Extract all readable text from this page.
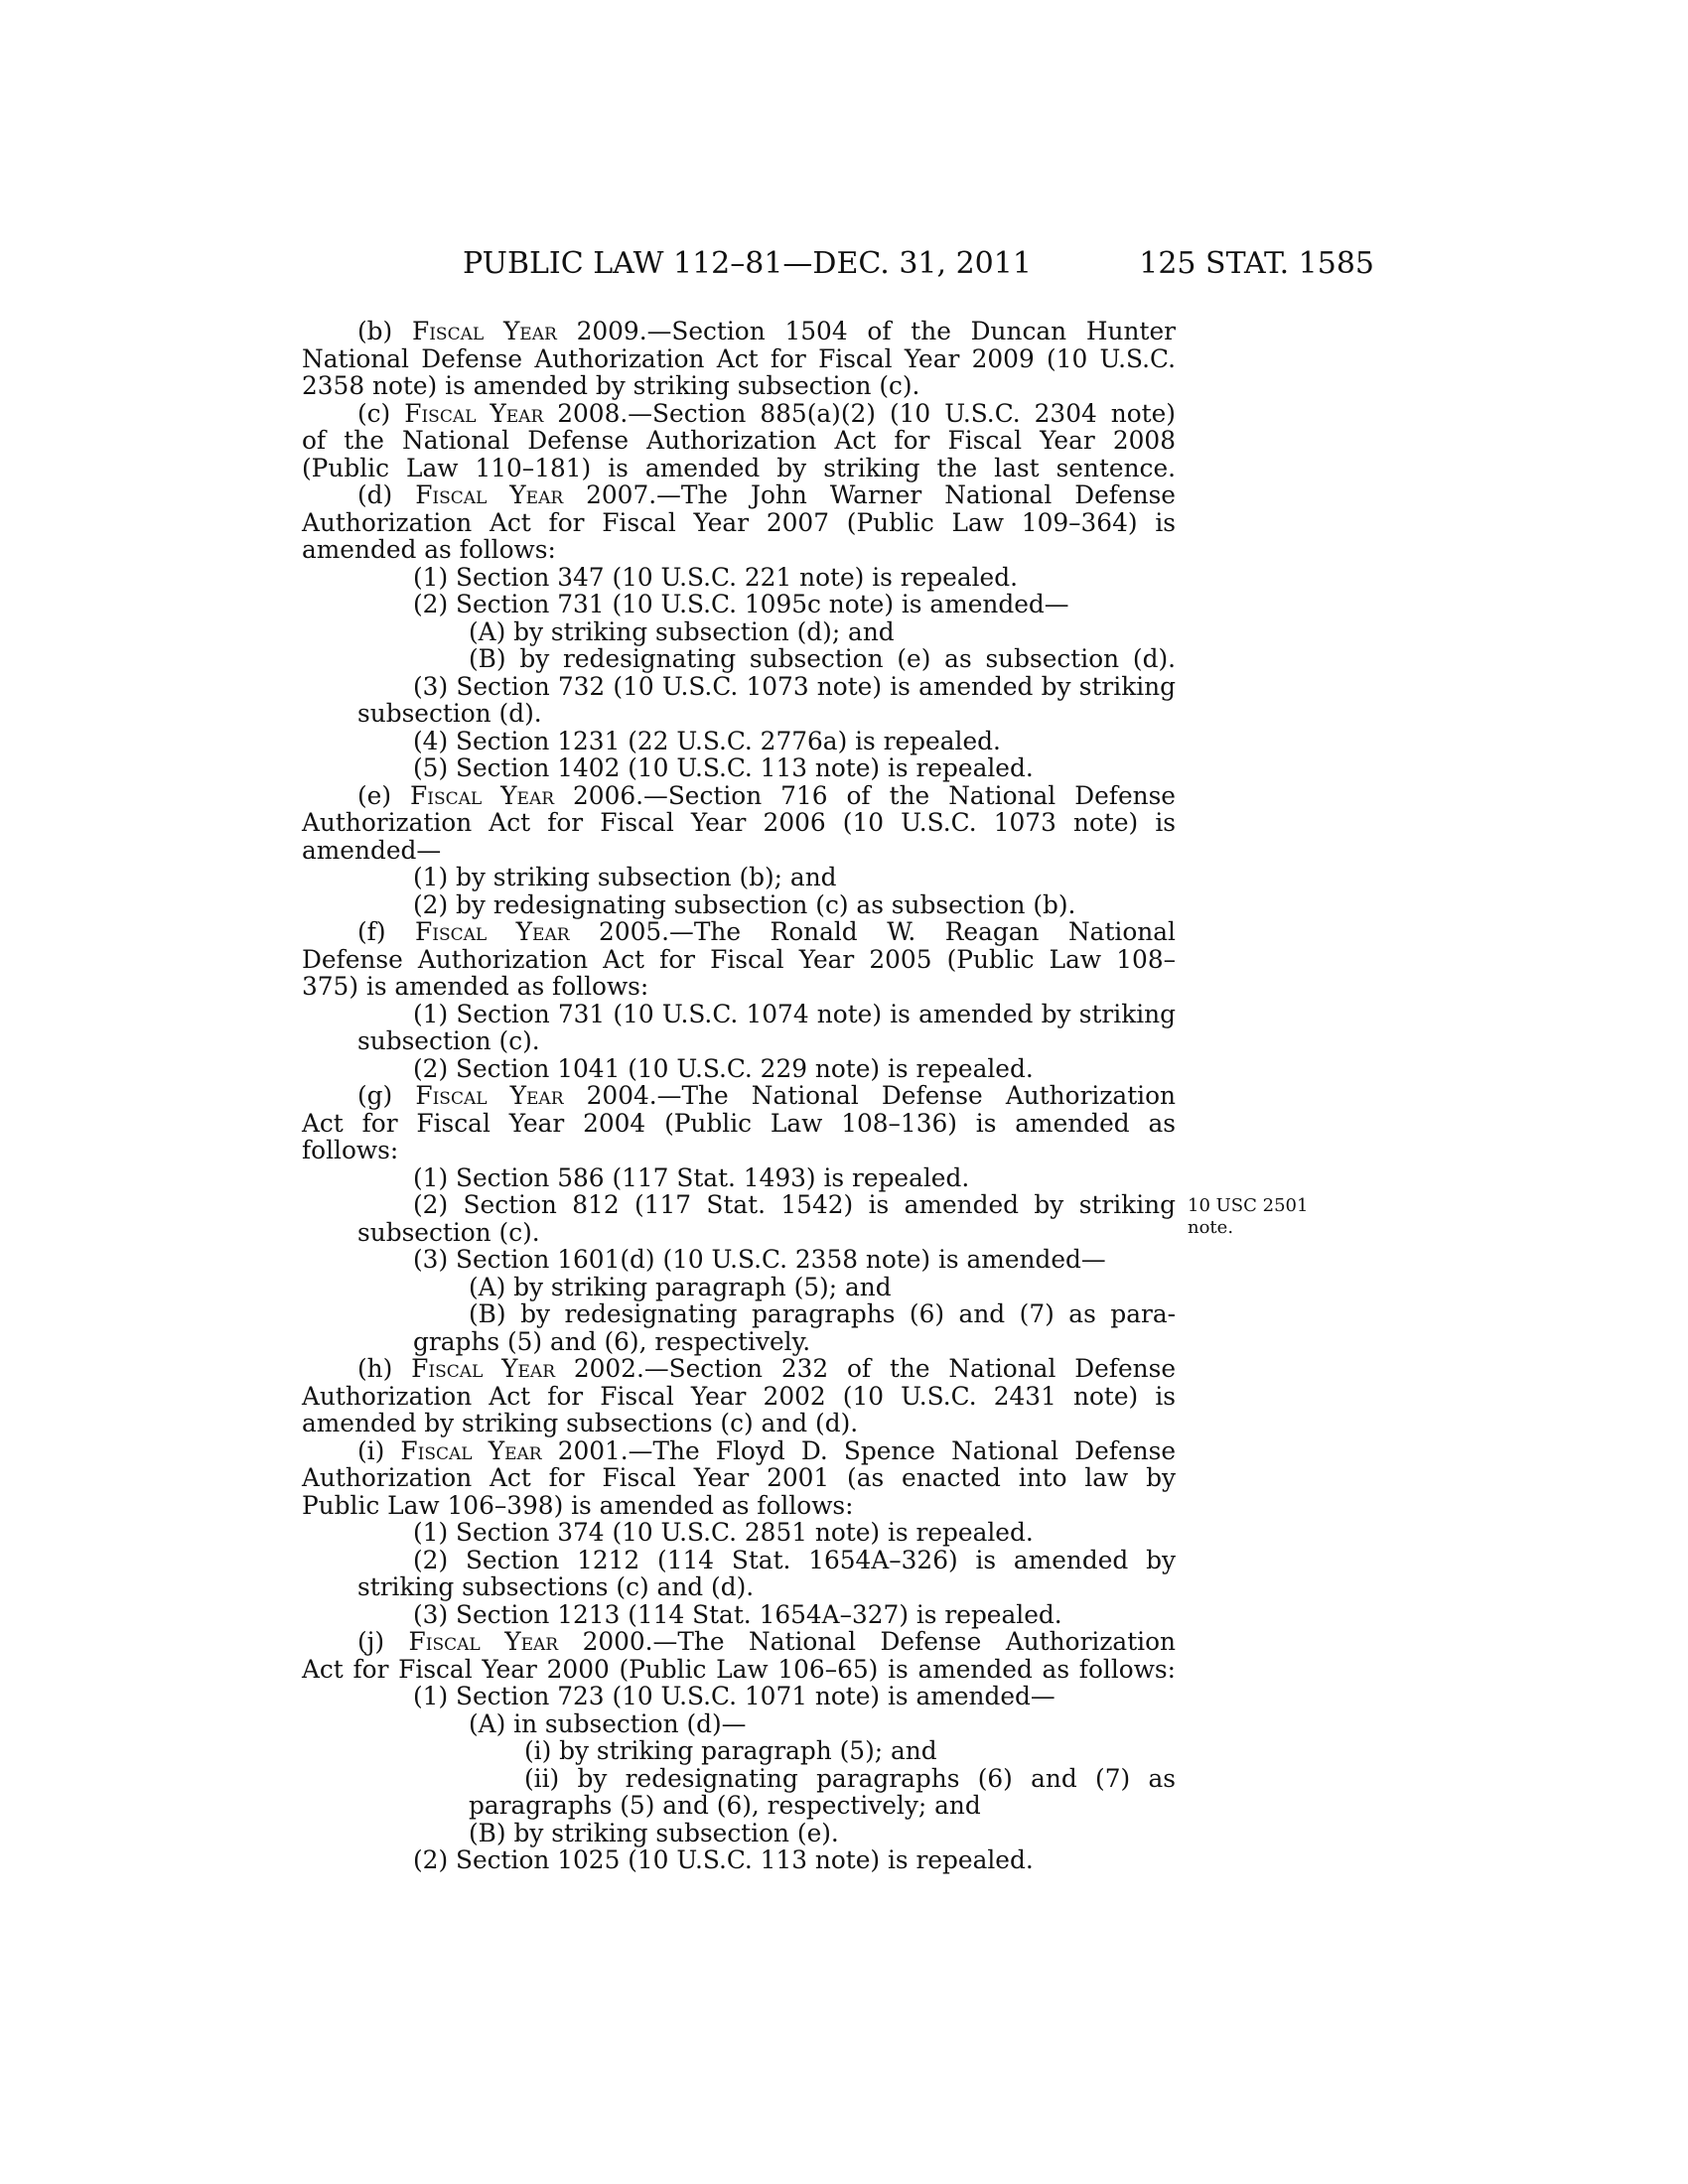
PUBLIC LAW 112–81—DEC. 31, 2011	125 STAT. 1585
(b) Fiscal Year 2009.—Section 1504 of the Duncan Hunter
National Defense Authorization Act for Fiscal Year 2009 (10 U.S.C.
2358 note) is amended by striking subsection (c).
(c) Fiscal Year 2008.—Section 885(a)(2) (10 U.S.C. 2304 note)
of the National Defense Authorization Act for Fiscal Year 2008
(Public Law 110–181) is amended by striking the last sentence.
(d) Fiscal Year 2007.—The John Warner National Defense
Authorization Act for Fiscal Year 2007 (Public Law 109–364) is
amended as follows:
(1) Section 347 (10 U.S.C. 221 note) is repealed.
(2) Section 731 (10 U.S.C. 1095c note) is amended—
(A) by striking subsection (d); and
(B) by redesignating subsection (e) as subsection (d).
(3) Section 732 (10 U.S.C. 1073 note) is amended by striking
subsection (d).
(4) Section 1231 (22 U.S.C. 2776a) is repealed.
(5) Section 1402 (10 U.S.C. 113 note) is repealed.
(e) Fiscal Year 2006.—Section 716 of the National Defense
Authorization Act for Fiscal Year 2006 (10 U.S.C. 1073 note) is
amended—
(1) by striking subsection (b); and
(2) by redesignating subsection (c) as subsection (b).
(f) Fiscal Year 2005.—The Ronald W. Reagan National
Defense Authorization Act for Fiscal Year 2005 (Public Law 108–
375) is amended as follows:
(1) Section 731 (10 U.S.C. 1074 note) is amended by striking
subsection (c).
(2) Section 1041 (10 U.S.C. 229 note) is repealed.
(g) Fiscal Year 2004.—The National Defense Authorization
Act for Fiscal Year 2004 (Public Law 108–136) is amended as
follows:
(1) Section 586 (117 Stat. 1493) is repealed.
(2) Section 812 (117 Stat. 1542) is amended by striking
subsection (c).
(3) Section 1601(d) (10 U.S.C. 2358 note) is amended—
(A) by striking paragraph (5); and
(B) by redesignating paragraphs (6) and (7) as para-
graphs (5) and (6), respectively.
(h) Fiscal Year 2002.—Section 232 of the National Defense
Authorization Act for Fiscal Year 2002 (10 U.S.C. 2431 note) is
amended by striking subsections (c) and (d).
(i) Fiscal Year 2001.—The Floyd D. Spence National Defense
Authorization Act for Fiscal Year 2001 (as enacted into law by
Public Law 106–398) is amended as follows:
(1) Section 374 (10 U.S.C. 2851 note) is repealed.
(2) Section 1212 (114 Stat. 1654A–326) is amended by
striking subsections (c) and (d).
(3) Section 1213 (114 Stat. 1654A–327) is repealed.
(j) Fiscal Year 2000.—The National Defense Authorization
Act for Fiscal Year 2000 (Public Law 106–65) is amended as follows:
(1) Section 723 (10 U.S.C. 1071 note) is amended—
(A) in subsection (d)—
(i) by striking paragraph (5); and
(ii) by redesignating paragraphs (6) and (7) as
paragraphs (5) and (6), respectively; and
(B) by striking subsection (e).
(2) Section 1025 (10 U.S.C. 113 note) is repealed.
10 USC 2501
note.
